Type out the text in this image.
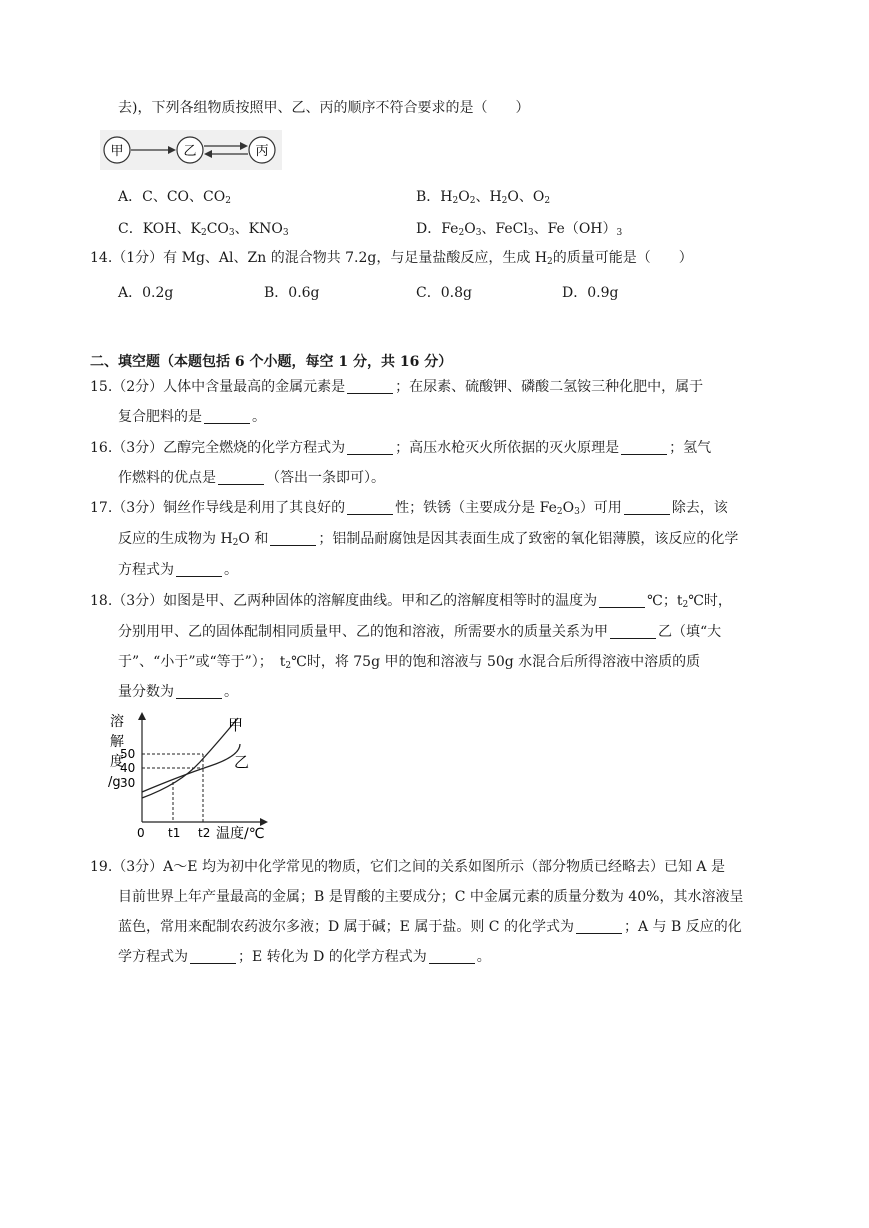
去)，下列各组物质按照甲、乙、丙的顺序不符合要求的是（　　）
甲	乙	丙
A．C、CO、$CO_2$	B．$H_2O_2$、$H_2O$、$O_2$
C．KOH、$K_2CO_3$、$KNO_3$	D．$Fe_2O_3$、FeCl$_3$、$Fe(OH)_3$
14.（1分）有 Mg、Al、Zn 的混合物共 7.2g，与足量盐酸反应，生成 $H_2$的质量可能是（　　）
A．0.2g	B．0.6g	C．0.8g	D．0.9g
二、填空题（本题包括 6 个小题，每空 1 分，共 16 分）
15.（2分）人体中含量最高的金属元素是	；在尿素、硫酸钾、磷酸二氢铵三种化肥中，属于
复合肥料的是	。
16.（3分）乙醇完全燃烧的化学方程式为	；高压水枪灭火所依据的灭火原理是	；氢气
作燃料的优点是	（答出一条即可）。
17.（3分）铜丝作导线是利用了其良好的	性；铁锈（主要成分是 $Fe_2O_3$）可用	除去，该
反应的生成物为 $H_2O$ 和	；铝制品耐腐蚀是因其表面生成了致密的氧化铝薄膜，该反应的化学
方程式为	。
18.（3分）如图是甲、乙两种固体的溶解度曲线。甲和乙的溶解度相等时的温度为	℃；$t_2℃$时，
分别用甲、乙的固体配制相同质量甲、乙的饱和溶液，所需要水的质量关系为甲	乙（填“大
于”、“小于”或“等于”）；　$t_2℃$时，将 75g 甲的饱和溶液与 50g 水混合后所得溶液中溶质的质
量分数为	。
溶
解
度
/g
50
40
30
甲
乙
0 t1 t2 温度/℃
19.（3分）A～E 均为初中化学常见的物质，它们之间的关系如图所示（部分物质已经略去）已知 A 是
目前世界上年产量最高的金属；B 是胃酸的主要成分；C 中金属元素的质量分数为 40%，其水溶液呈
蓝色，常用来配制农药波尔多液；D 属于碱；E 属于盐。则 C 的化学式为	；A 与 B 反应的化
学方程式为	；E 转化为 D 的化学方程式为	。
